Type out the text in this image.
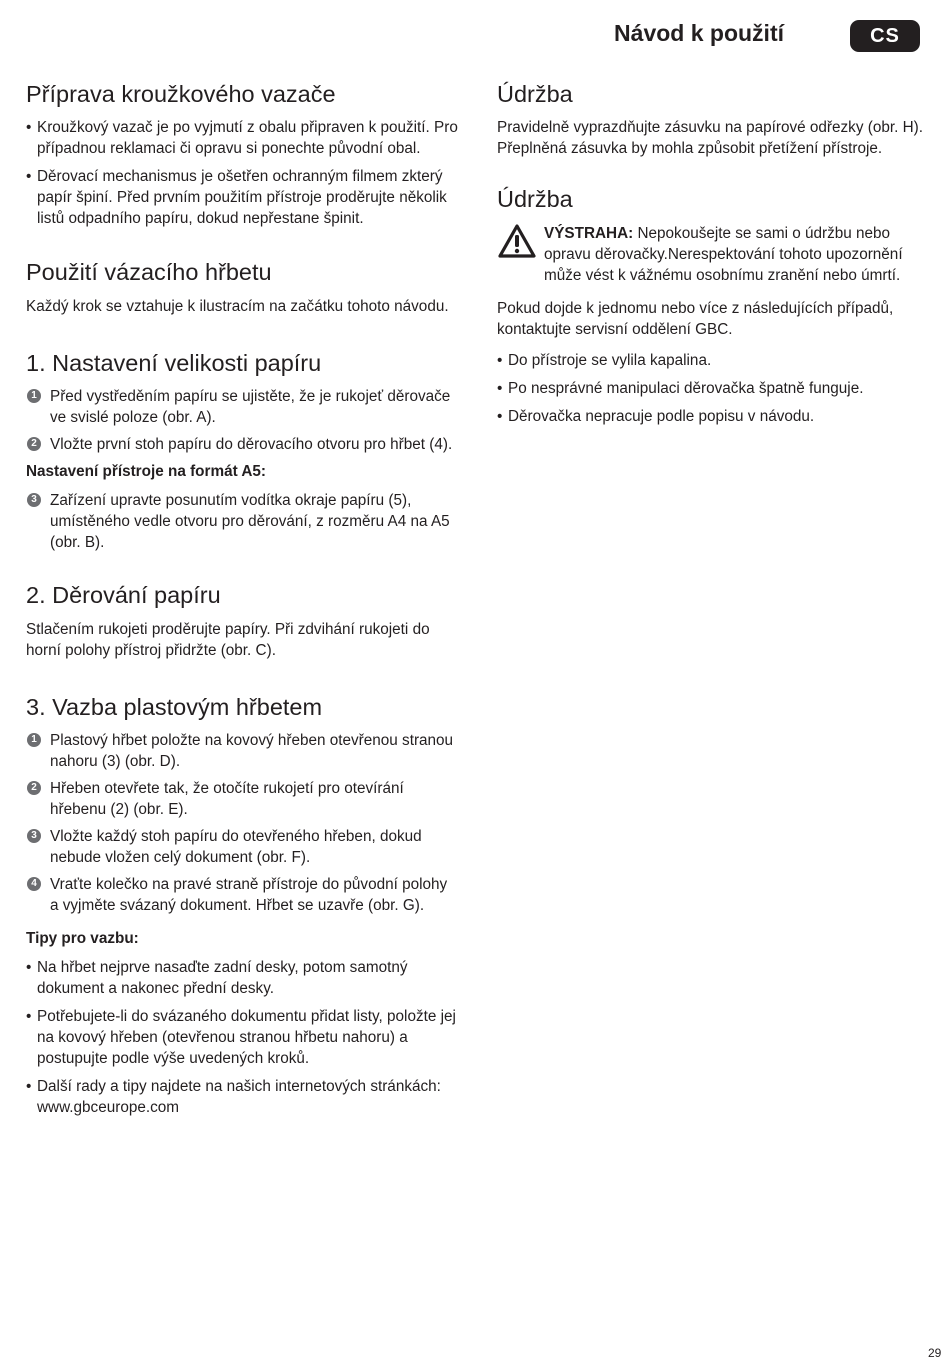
Návod k použití	CS
Příprava kroužkového vazače
• Kroužkový vazač je po vyjmutí z obalu připraven k použití. Pro případnou reklamaci či opravu si ponechte původní obal.
• Děrovací mechanismus je ošetřen ochranným filmem zkterý papír špiní. Před prvním použitím přístroje proděrujte několik listů odpadního papíru, dokud nepřestane špinit.
Použití vázacího hřbetu

Každý krok se vztahuje k ilustracím na začátku tohoto návodu.

1. Nastavení velikosti papíru
1 Před vystředěním papíru se ujistěte, že je rukojeť děrovače ve svislé poloze (obr. A).
2 Vložte první stoh papíru do děrovacího otvoru pro hřbet (4).
Nastavení přístroje na formát A5:
3 Zařízení upravte posunutím vodítka okraje papíru (5), umístěného vedle otvoru pro děrování, z rozměru A4 na A5 (obr. B).
2. Děrování papíru

Stlačením rukojeti proděrujte papíry. Při zdvihání rukojeti do horní polohy přístroj přidržte (obr. C).

3. Vazba plastovým hřbetem
1 Plastový hřbet položte na kovový hřeben otevřenou stranou nahoru (3) (obr. D).
2 Hřeben otevřete tak, že otočíte rukojetí pro otevírání hřebenu (2) (obr. E).
3 Vložte každý stoh papíru do otevřeného hřeben, dokud nebude vložen celý dokument (obr. F).
4 Vraťte kolečko na pravé straně přístroje do původní polohy a vyjměte svázaný dokument. Hřbet se uzavře (obr. G).
Tipy pro vazbu:
• Na hřbet nejprve nasaďte zadní desky, potom samotný dokument a nakonec přední desky.
• Potřebujete-li do svázaného dokumentu přidat listy, položte jej na kovový hřeben (otevřenou stranou hřbetu nahoru) a postupujte podle výše uvedených kroků.
• Další rady a tipy najdete na našich internetových stránkách: www.gbceurope.com
Údržba

Pravidelně vyprazdňujte zásuvku na papírové odřezky (obr. H). Přeplněná zásuvka by mohla způsobit přetížení přístroje.

Údržba
VÝSTRAHA: Nepokoušejte se sami o údržbu nebo opravu děrovačky.Nerespektování tohoto upozornění může vést k vážnému osobnímu zranění nebo úmrtí.

Pokud dojde k jednomu nebo více z následujících případů, kontaktujte servisní oddělení GBC.

• Do přístroje se vylila kapalina.
• Po nesprávné manipulaci děrovačka špatně funguje.
• Děrovačka nepracuje podle popisu v návodu.
29
